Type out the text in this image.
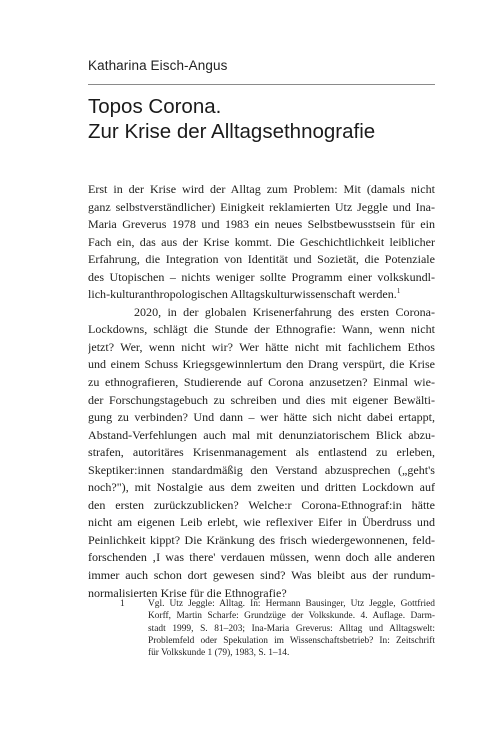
Katharina Eisch-Angus
Topos Corona.
Zur Krise der Alltagsethnografie
Erst in der Krise wird der Alltag zum Problem: Mit (damals nicht
ganz selbstverständlicher) Einigkeit reklamierten Utz Jeggle und Ina-
Maria Greverus 1978 und 1983 ein neues Selbstbewusstsein für ein
Fach ein, das aus der Krise kommt. Die Geschichtlichkeit leiblicher
Erfahrung, die Integration von Identität und Sozietät, die Potenziale
des Utopischen – nichts weniger sollte Programm einer volkskundl-
lich-kulturanthropologischen Alltagskulturwissenschaft werden.$^1$
2020, in der globalen Krisenerfahrung des ersten Corona-
Lockdowns, schlägt die Stunde der Ethnografie: Wann, wenn nicht
jetzt? Wer, wenn nicht wir? Wer hätte nicht mit fachlichem Ethos
und einem Schuss Kriegsgewinnlertum den Drang verspürt, die Krise
zu ethnografieren, Studierende auf Corona anzusetzen? Einmal wie-
der Forschungstagebuch zu schreiben und dies mit eigener Bewälti-
gung zu verbinden? Und dann – wer hätte sich nicht dabei ertappt,
Abstand-Verfehlungen auch mal mit denunziatorischem Blick abzu-
strafen, autoritäres Krisenmanagement als entlastend zu erleben,
Skeptiker:innen standardmäßig den Verstand abzusprechen („geht's
noch?"), mit Nostalgie aus dem zweiten und dritten Lockdown auf
den ersten zurückzublicken? Welche:r Corona-Ethnograf:in hätte
nicht am eigenen Leib erlebt, wie reflexiver Eifer in Überdruss und
Peinlichkeit kippt? Die Kränkung des frisch wiedergewonnenen, feld-
forschenden ‚I was there' verdauen müssen, wenn doch alle anderen
immer auch schon dort gewesen sind? Was bleibt aus der rundum-
normalisierten Krise für die Ethnografie?
1 Vgl. Utz Jeggle: Alltag. In: Hermann Bausinger, Utz Jeggle, Gottfried
Korff, Martin Scharfe: Grundzüge der Volkskunde. 4. Auflage. Darm-
stadt 1999, S. 81–203; Ina-Maria Greverus: Alltag und Alltagswelt:
Problemfeld oder Spekulation im Wissenschaftsbetrieb? In: Zeitschrift
für Volkskunde 1 (79), 1983, S. 1–14.
